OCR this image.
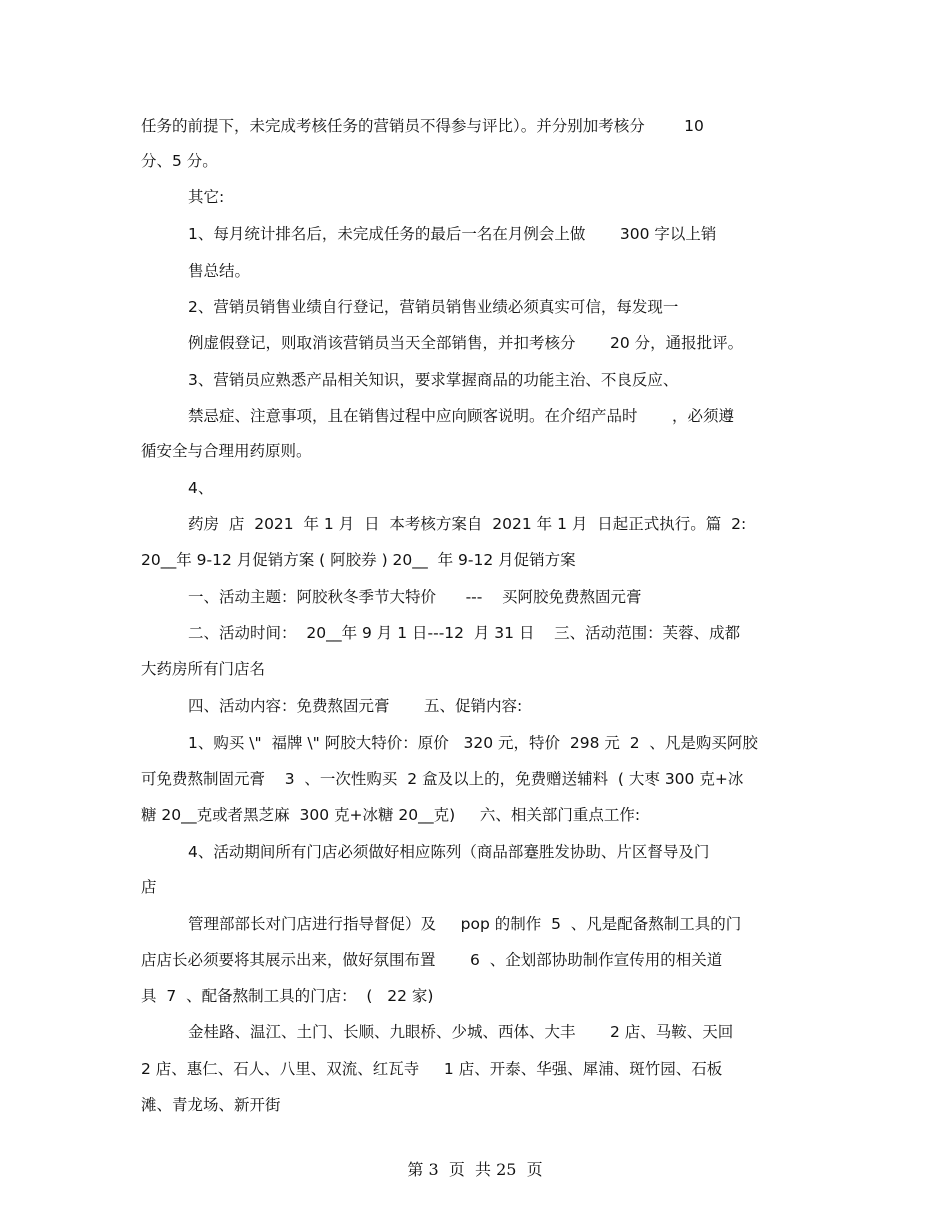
任务的前提下，未完成考核任务的营销员不得参与评比）。并分别加考核分        10
分、5 分。
其它:
1、每月统计排名后，未完成任务的最后一名在月例会上做       300 字以上销
售总结。
2、营销员销售业绩自行登记，营销员销售业绩必须真实可信，每发现一
例虚假登记，则取消该营销员当天全部销售，并扣考核分       20 分，通报批评。
3、营销员应熟悉产品相关知识，要求掌握商品的功能主治、不良反应、
禁忌症、注意事项，且在销售过程中应向顾客说明。在介绍产品时       ，必须遵
循安全与合理用药原则。
4、
药房  店  2021  年 1 月  日  本考核方案自  2021 年 1 月  日起正式执行。篇  2:
20__年 9-12 月促销方案 ( 阿胶券 ) 20__  年 9-12 月促销方案
一、活动主题：阿胶秋冬季节大特价      ---    买阿胶免费熬固元膏
二、活动时间：  20__年 9 月 1 日---12  月 31 日    三、活动范围：芙蓉、成都
大药房所有门店名
四、活动内容：免费熬固元膏       五、促销内容:
1、购买 \"  福牌 \" 阿胶大特价：原价   320 元，特价  298 元  2  、凡是购买阿胶
可免费熬制固元膏    3  、一次性购买  2 盒及以上的，免费赠送辅料  ( 大枣 300 克+冰
糖 20__克或者黑芝麻  300 克+冰糖 20__克)     六、相关部门重点工作:
4、活动期间所有门店必须做好相应陈列（商品部蹇胜发协助、片区督导及门
店
管理部部长对门店进行指导督促）及     pop 的制作  5  、凡是配备熬制工具的门
店店长必须要将其展示出来，做好氛围布置       6  、企划部协助制作宣传用的相关道
具  7  、配备熬制工具的门店：  (   22 家)
金桂路、温江、土门、长顺、九眼桥、少城、西体、大丰       2 店、马鞍、天回
2 店、惠仁、石人、八里、双流、红瓦寺     1 店、开泰、华强、犀浦、斑竹园、石板
滩、青龙场、新开街
第 3  页  共 25  页
